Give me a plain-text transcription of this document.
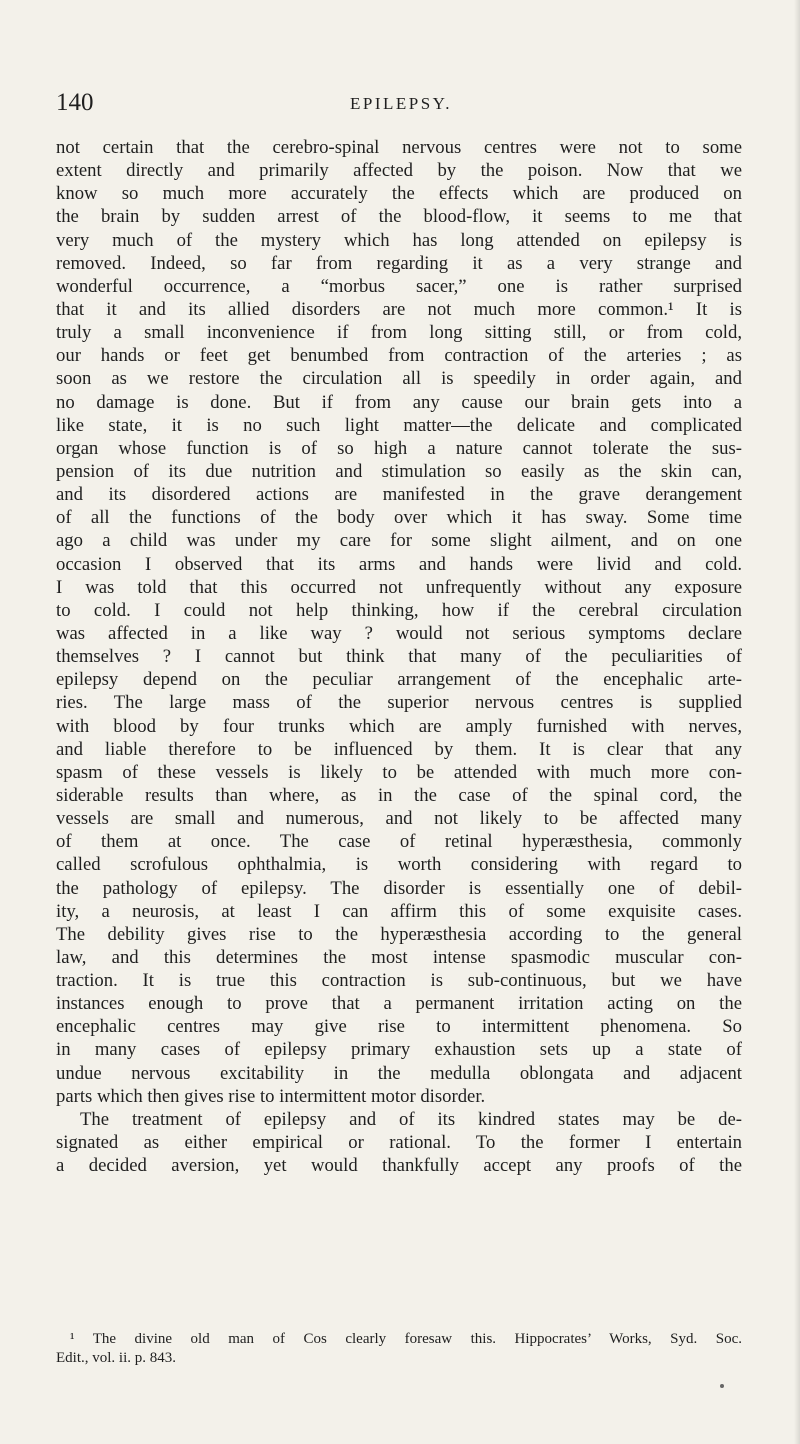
140	EPILEPSY.
not certain that the cerebro-spinal nervous centres were not to some
extent directly and primarily affected by the poison. Now that we
know so much more accurately the effects which are produced on
the brain by sudden arrest of the blood-flow, it seems to me that
very much of the mystery which has long attended on epilepsy is
removed. Indeed, so far from regarding it as a very strange and
wonderful occurrence, a “morbus sacer,” one is rather surprised
that it and its allied disorders are not much more common.¹ It is
truly a small inconvenience if from long sitting still, or from cold,
our hands or feet get benumbed from contraction of the arteries ; as
soon as we restore the circulation all is speedily in order again, and
no damage is done. But if from any cause our brain gets into a
like state, it is no such light matter—the delicate and complicated
organ whose function is of so high a nature cannot tolerate the sus-
pension of its due nutrition and stimulation so easily as the skin can,
and its disordered actions are manifested in the grave derangement
of all the functions of the body over which it has sway. Some time
ago a child was under my care for some slight ailment, and on one
occasion I observed that its arms and hands were livid and cold.
I was told that this occurred not unfrequently without any exposure
to cold. I could not help thinking, how if the cerebral circulation
was affected in a like way ? would not serious symptoms declare
themselves ? I cannot but think that many of the peculiarities of
epilepsy depend on the peculiar arrangement of the encephalic arte-
ries. The large mass of the superior nervous centres is supplied
with blood by four trunks which are amply furnished with nerves,
and liable therefore to be influenced by them. It is clear that any
spasm of these vessels is likely to be attended with much more con-
siderable results than where, as in the case of the spinal cord, the
vessels are small and numerous, and not likely to be affected many
of them at once. The case of retinal hyperæsthesia, commonly
called scrofulous ophthalmia, is worth considering with regard to
the pathology of epilepsy. The disorder is essentially one of debil-
ity, a neurosis, at least I can affirm this of some exquisite cases.
The debility gives rise to the hyperæsthesia according to the general
law, and this determines the most intense spasmodic muscular con-
traction. It is true this contraction is sub-continuous, but we have
instances enough to prove that a permanent irritation acting on the
encephalic centres may give rise to intermittent phenomena. So
in many cases of epilepsy primary exhaustion sets up a state of
undue nervous excitability in the medulla oblongata and adjacent
parts which then gives rise to intermittent motor disorder.
The treatment of epilepsy and of its kindred states may be de-
signated as either empirical or rational. To the former I entertain
a decided aversion, yet would thankfully accept any proofs of the
¹ The divine old man of Cos clearly foresaw this. Hippocrates’ Works, Syd. Soc.
Edit., vol. ii. p. 843.
